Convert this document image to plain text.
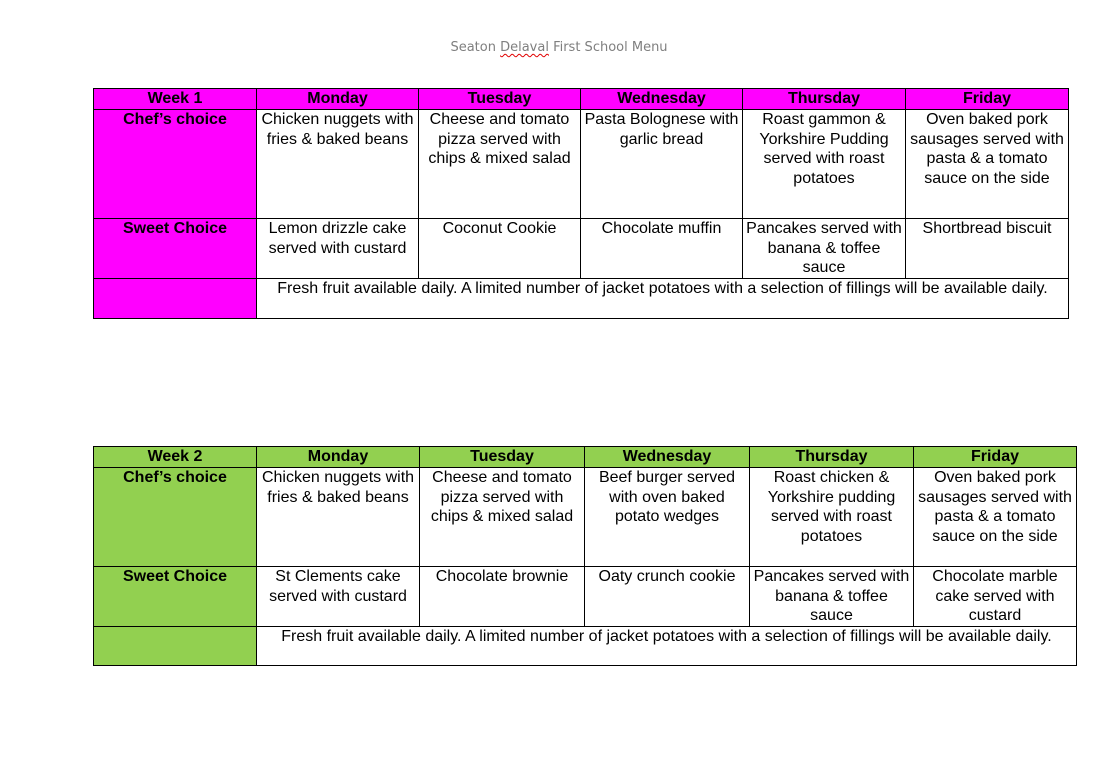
Seaton Delaval First School Menu
Week 1	Monday	Tuesday	Wednesday	Thursday	Friday
Chef’s choice	Chicken nuggets with fries & baked beans	Cheese and tomato pizza served with chips & mixed salad	Pasta Bolognese with garlic bread	Roast gammon & Yorkshire Pudding served with roast potatoes	Oven baked pork sausages served with pasta & a tomato sauce on the side
Sweet Choice	Lemon drizzle cake served with custard	Coconut Cookie	Chocolate muffin	Pancakes served with banana & toffee sauce	Shortbread biscuit
	Fresh fruit available daily. A limited number of jacket potatoes with a selection of fillings will be available daily.				
Week 2	Monday	Tuesday	Wednesday	Thursday	Friday
Chef’s choice	Chicken nuggets with fries & baked beans	Cheese and tomato pizza served with chips & mixed salad	Beef burger served with oven baked potato wedges	Roast chicken & Yorkshire pudding served with roast potatoes	Oven baked pork sausages served with pasta & a tomato sauce on the side
Sweet Choice	St Clements cake served with custard	Chocolate brownie	Oaty crunch cookie	Pancakes served with banana & toffee sauce	Chocolate marble cake served with custard
	Fresh fruit available daily. A limited number of jacket potatoes with a selection of fillings will be available daily.				
